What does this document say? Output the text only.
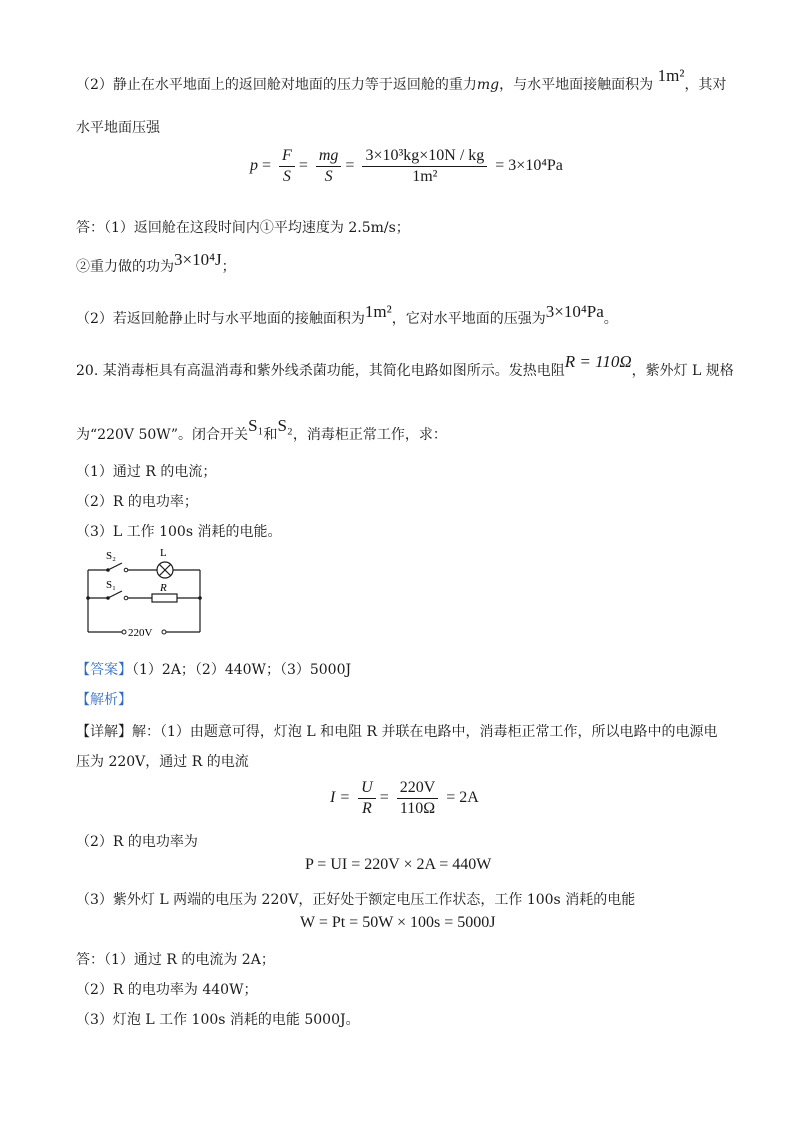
（2）静止在水平地面上的返回舱对地面的压力等于返回舱的重力mg，与水平地面接触面积为 1m²，其对
水平地面压强
$p = \frac{F}{S} = \frac{mg}{S} = \frac{\text{3×10³kg×10N / kg}}{\text{1m²}} = 3\times 10^4Pa$
答：（1）返回舱在这段时间内①平均速度为 2.5m/s；
②重力做的功为3×10⁴J；
（2）若返回舱静止时与水平地面的接触面积为1m²，它对水平地面的压强为3×10⁴Pa。
20. 某消毒柜具有高温消毒和紫外线杀菌功能，其简化电路如图所示。发热电阻R = 110Ω，紫外灯 L 规格
为“220V 50W”。闭合开关S₁和S₂，消毒柜正常工作，求：
（1）通过 R 的电流；
（2）R 的电功率；
（3）L 工作 100s 消耗的电能。
S₂	L
S₁	R
220V
【答案】（1）2A；（2）440W；（3）5000J
【解析】
【详解】解：（1）由题意可得，灯泡 L 和电阻 R 并联在电路中，消毒柜正常工作，所以电路中的电源电
压为 220V，通过 R 的电流
$I = \frac{U}{R} = \frac{220V}{110\Omega} = 2A$
（2）R 的电功率为
P = UI = 220V × 2A = 440W
（3）紫外灯 L 两端的电压为 220V，正好处于额定电压工作状态，工作 100s 消耗的电能
W = Pt = 50W × 100s = 5000J
答：（1）通过 R 的电流为 2A；
（2）R 的电功率为 440W；
（3）灯泡 L 工作 100s 消耗的电能 5000J。
